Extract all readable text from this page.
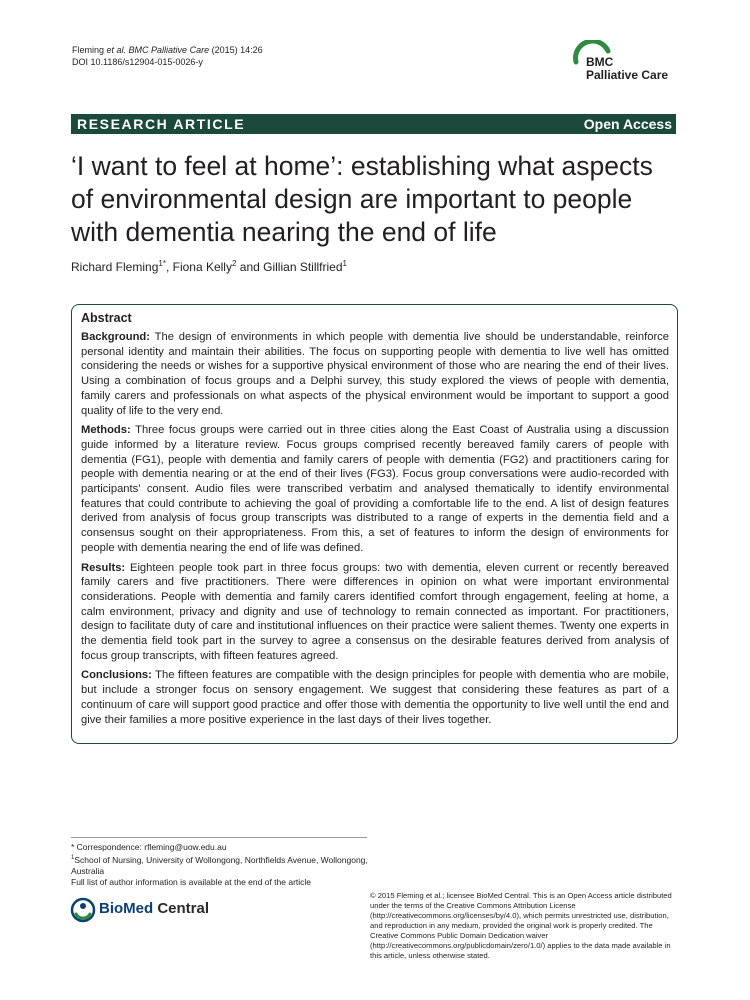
Fleming et al. BMC Palliative Care (2015) 14:26
DOI 10.1186/s12904-015-0026-y	BMC
Palliative Care
RESEARCH ARTICLE	Open Access
‘I want to feel at home’: establishing what aspects of environmental design are important to people with dementia nearing the end of life
Richard Fleming$^{1*}$, Fiona Kelly$^2$ and Gillian Stillfried$^1$
Abstract

Background: The design of environments in which people with dementia live should be understandable, reinforce personal identity and maintain their abilities. The focus on supporting people with dementia to live well has omitted considering the needs or wishes for a supportive physical environment of those who are nearing the end of their lives. Using a combination of focus groups and a Delphi survey, this study explored the views of people with dementia, family carers and professionals on what aspects of the physical environment would be important to support a good quality of life to the very end.

Methods: Three focus groups were carried out in three cities along the East Coast of Australia using a discussion guide informed by a literature review. Focus groups comprised recently bereaved family carers of people with dementia (FG1), people with dementia and family carers of people with dementia (FG2) and practitioners caring for people with dementia nearing or at the end of their lives (FG3). Focus group conversations were audio-recorded with participants’ consent. Audio files were transcribed verbatim and analysed thematically to identify environmental features that could contribute to achieving the goal of providing a comfortable life to the end. A list of design features derived from analysis of focus group transcripts was distributed to a range of experts in the dementia field and a consensus sought on their appropriateness. From this, a set of features to inform the design of environments for people with dementia nearing the end of life was defined.

Results: Eighteen people took part in three focus groups: two with dementia, eleven current or recently bereaved family carers and five practitioners. There were differences in opinion on what were important environmental considerations. People with dementia and family carers identified comfort through engagement, feeling at home, a calm environment, privacy and dignity and use of technology to remain connected as important. For practitioners, design to facilitate duty of care and institutional influences on their practice were salient themes. Twenty one experts in the dementia field took part in the survey to agree a consensus on the desirable features derived from analysis of focus group transcripts, with fifteen features agreed.

Conclusions: The fifteen features are compatible with the design principles for people with dementia who are mobile, but include a stronger focus on sensory engagement. We suggest that considering these features as part of a continuum of care will support good practice and offer those with dementia the opportunity to live well until the end and give their families a more positive experience in the last days of their lives together.

* Correspondence: rfleming@uow.edu.au
$^1$School of Nursing, University of Wollongong, Northfields Avenue, Wollongong, Australia
Full list of author information is available at the end of the article
BioMed Central
© 2015 Fleming et al.; licensee BioMed Central. This is an Open Access article distributed under the terms of the Creative Commons Attribution License (http://creativecommons.org/licenses/by/4.0), which permits unrestricted use, distribution, and reproduction in any medium, provided the original work is properly credited. The Creative Commons Public Domain Dedication waiver (http://creativecommons.org/publicdomain/zero/1.0/) applies to the data made available in this article, unless otherwise stated.
